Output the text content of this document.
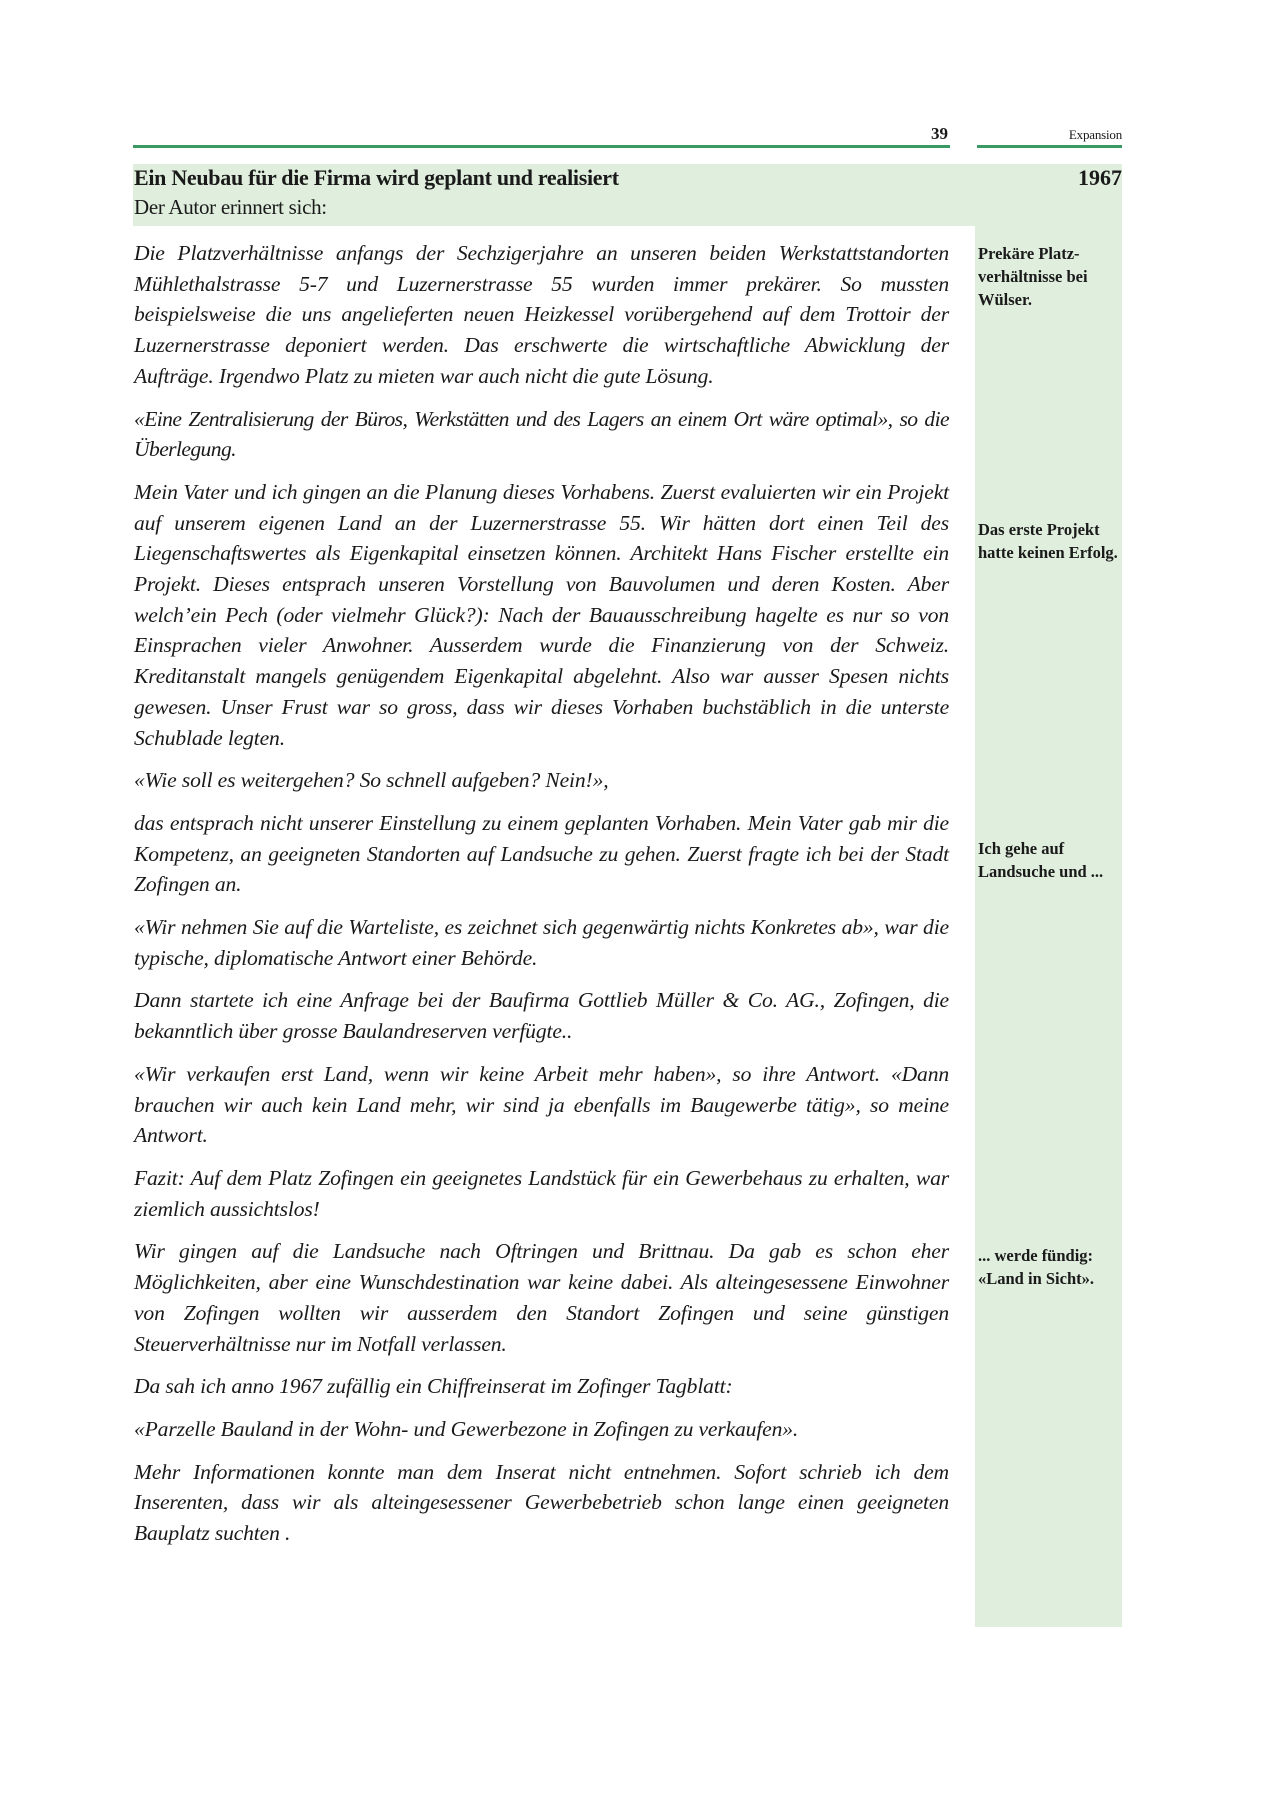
39	Expansion
Ein Neubau für die Firma wird geplant und realisiert	1967
Der Autor erinnert sich:

Die Platzverhältnisse anfangs der Sechzigerjahre an unseren beiden Werkstattstandorten Mühlethalstrasse 5-7 und Luzernerstrasse 55 wurden immer prekärer. So mussten beispielsweise die uns angelieferten neuen Heizkessel vorübergehend auf dem Trottoir der Luzernerstrasse deponiert werden. Das erschwerte die wirtschaftliche Abwicklung der Aufträge. Irgendwo Platz zu mieten war auch nicht die gute Lösung.

«Eine Zentralisierung der Büros, Werkstätten und des Lagers an einem Ort wäre optimal», so die Überlegung.

Mein Vater und ich gingen an die Planung dieses Vorhabens. Zuerst evaluierten wir ein Projekt auf unserem eigenen Land an der Luzernerstrasse 55. Wir hätten dort einen Teil des Liegenschaftswertes als Eigenkapital einsetzen können. Architekt Hans Fischer erstellte ein Projekt. Dieses entsprach unseren Vorstellung von Bauvolumen und deren Kosten. Aber welch’ein Pech (oder vielmehr Glück?): Nach der Bauausschreibung hagelte es nur so von Einsprachen vieler Anwohner. Ausserdem wurde die Finanzierung von der Schweiz. Kreditanstalt mangels genügendem Eigenkapital abgelehnt. Also war ausser Spesen nichts gewesen. Unser Frust war so gross, dass wir dieses Vorhaben buchstäblich in die unterste Schublade legten.

«Wie soll es weitergehen? So schnell aufgeben? Nein!»,

das entsprach nicht unserer Einstellung zu einem geplanten Vorhaben. Mein Vater gab mir die Kompetenz, an geeigneten Standorten auf Landsuche zu gehen. Zuerst fragte ich bei der Stadt Zofingen an.

«Wir nehmen Sie auf die Warteliste, es zeichnet sich gegenwärtig nichts Konkretes ab», war die typische, diplomatische Antwort einer Behörde.

Dann startete ich eine Anfrage bei der Baufirma Gottlieb Müller & Co. AG., Zofingen, die bekanntlich über grosse Baulandreserven verfügte..

«Wir verkaufen erst Land, wenn wir keine Arbeit mehr haben», so ihre Antwort. «Dann brauchen wir auch kein Land mehr, wir sind ja ebenfalls im Baugewerbe tätig», so meine Antwort.

Fazit: Auf dem Platz Zofingen ein geeignetes Landstück für ein Gewerbehaus zu erhalten, war ziemlich aussichtslos!

Wir gingen auf die Landsuche nach Oftringen und Brittnau. Da gab es schon eher Möglichkeiten, aber eine Wunschdestination war keine dabei. Als alteingesessene Einwohner von Zofingen wollten wir ausserdem den Standort Zofingen und seine günstigen Steuerverhältnisse nur im Notfall verlassen.

Da sah ich anno 1967 zufällig ein Chiffreinserat im Zofinger Tagblatt:

«Parzelle Bauland in der Wohn- und Gewerbezone in Zofingen zu verkaufen».

Mehr Informationen konnte man dem Inserat nicht entnehmen. Sofort schrieb ich dem Inserenten, dass wir als alteingesessener Gewerbebetrieb schon lange einen geeigneten Bauplatz suchten .

Prekäre Platz-verhältnisse bei Wülser.
Das erste Projekt hatte keinen Erfolg.
Ich gehe auf Landsuche und ...
... werde fündig: «Land in Sicht».
